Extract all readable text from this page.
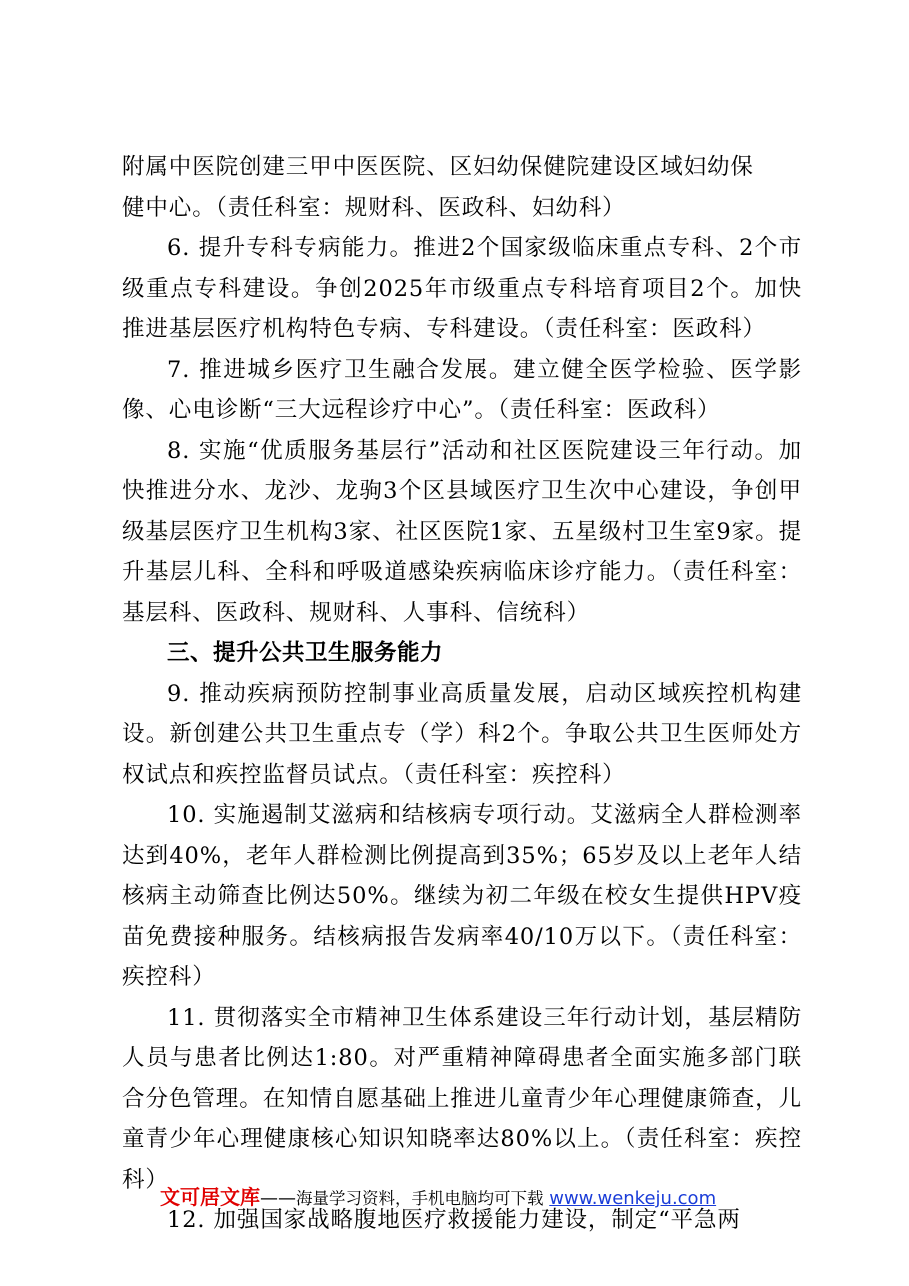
附属中医院创建三甲中医医院、区妇幼保健院建设区域妇幼保
健中心。（责任科室：规财科、医政科、妇幼科）

6. 提升专科专病能力。推进2个国家级临床重点专科、2个市级重点专科建设。争创2025年市级重点专科培育项目2个。加快推进基层医疗机构特色专病、专科建设。（责任科室：医政科）

7. 推进城乡医疗卫生融合发展。建立健全医学检验、医学影像、心电诊断“三大远程诊疗中心”。（责任科室：医政科）

8. 实施“优质服务基层行”活动和社区医院建设三年行动。加快推进分水、龙沙、龙驹3个区县域医疗卫生次中心建设，争创甲级基层医疗卫生机构3家、社区医院1家、五星级村卫生室9家。提升基层儿科、全科和呼吸道感染疾病临床诊疗能力。（责任科室：基层科、医政科、规财科、人事科、信统科）

三、提升公共卫生服务能力

9. 推动疾病预防控制事业高质量发展，启动区域疾控机构建设。新创建公共卫生重点专（学）科2个。争取公共卫生医师处方权试点和疾控监督员试点。（责任科室：疾控科）

10. 实施遏制艾滋病和结核病专项行动。艾滋病全人群检测率达到40%，老年人群检测比例提高到35%；65岁及以上老年人结核病主动筛查比例达50%。继续为初二年级在校女生提供HPV疫苗免费接种服务。结核病报告发病率40/10万以下。（责任科室：疾控科）

11. 贯彻落实全市精神卫生体系建设三年行动计划，基层精防人员与患者比例达1:80。对严重精神障碍患者全面实施多部门联合分色管理。在知情自愿基础上推进儿童青少年心理健康筛查，儿童青少年心理健康核心知识知晓率达80%以上。（责任科室：疾控科）

12. 加强国家战略腹地医疗救援能力建设，制定“平急两

文可居文库——海量学习资料，手机电脑均可下载 www.wenkeju.com
